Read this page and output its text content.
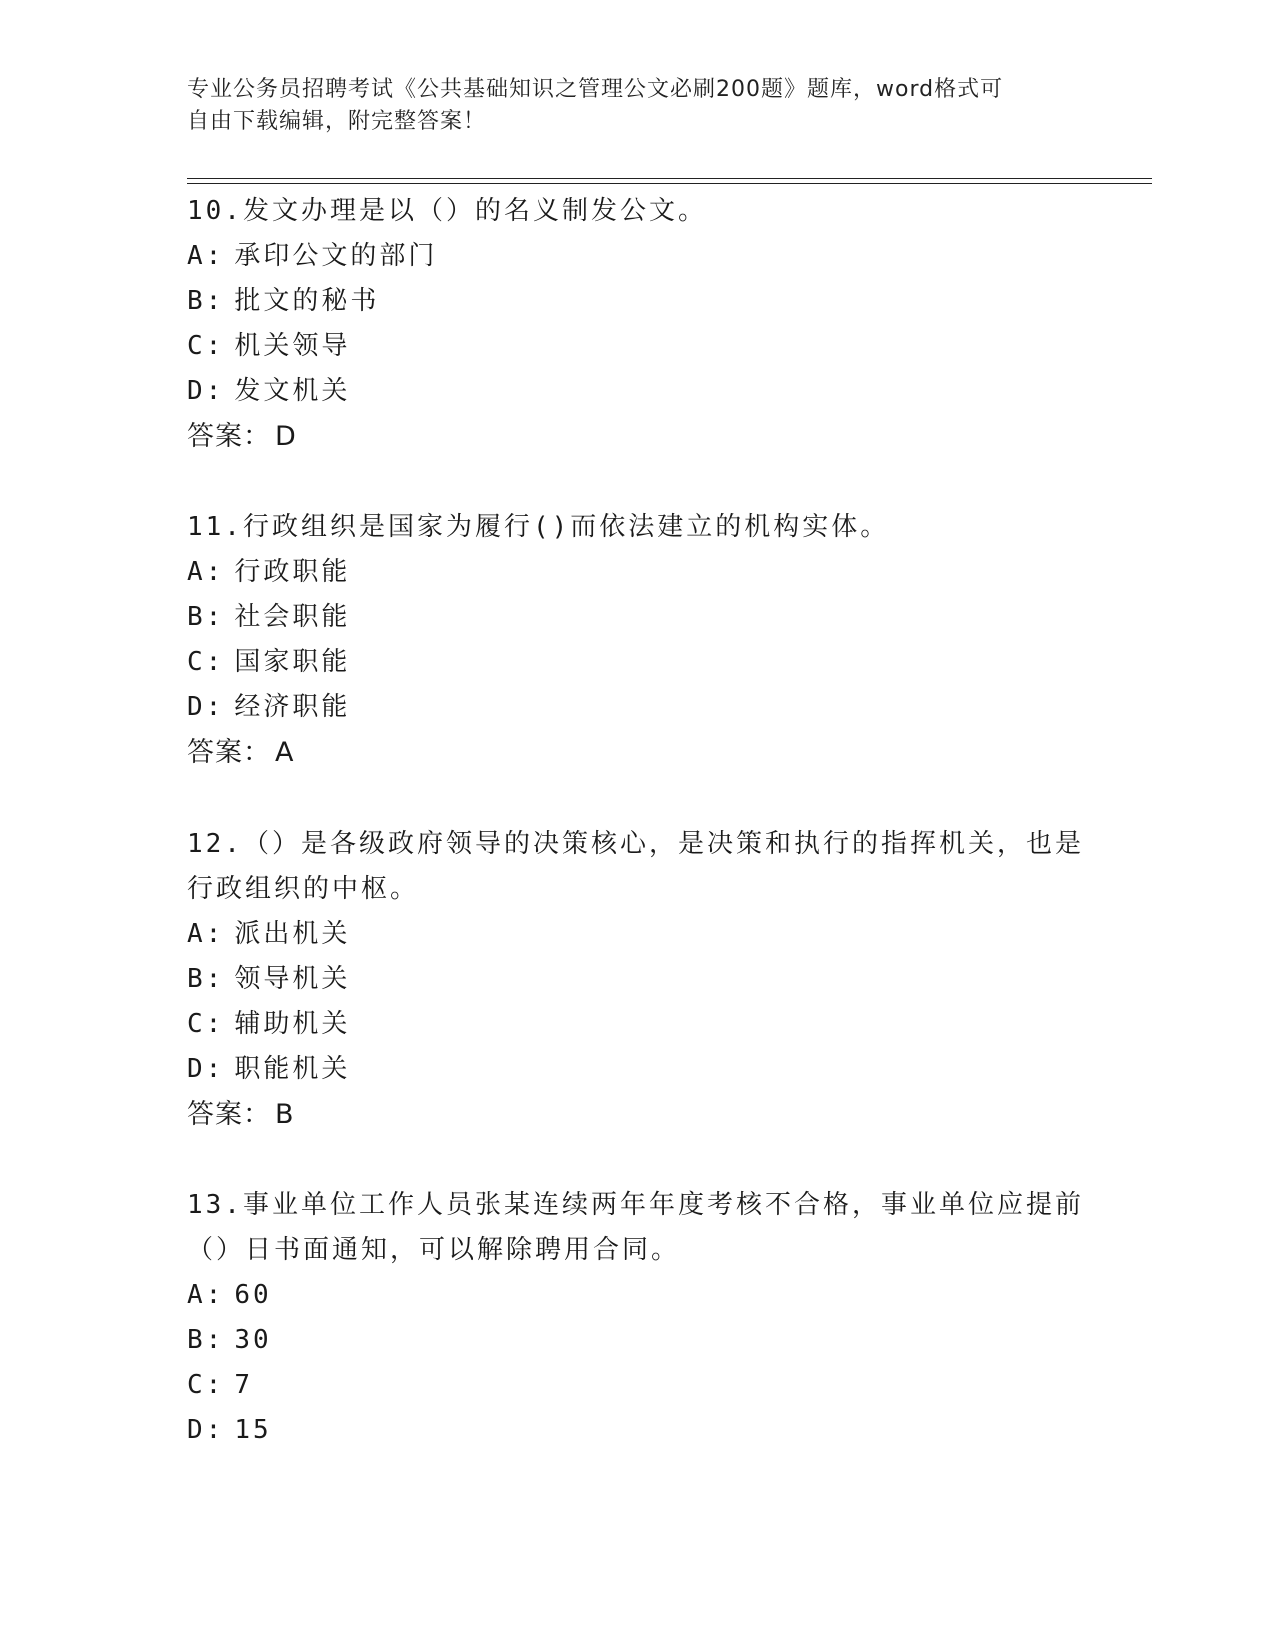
专业公务员招聘考试《公共基础知识之管理公文必刷200题》题库，word格式可
自由下载编辑，附完整答案！
10.发文办理是以（）的名义制发公文。
A: 承印公文的部门
B: 批文的秘书
C: 机关领导
D: 发文机关
答案： D
11.行政组织是国家为履行()而依法建立的机构实体。
A: 行政职能
B: 社会职能
C: 国家职能
D: 经济职能
答案： A
12.（）是各级政府领导的决策核心，是决策和执行的指挥机关，也是行政组织的中枢。
A: 派出机关
B: 领导机关
C: 辅助机关
D: 职能机关
答案： B
13.事业单位工作人员张某连续两年年度考核不合格，事业单位应提前（）日书面通知，可以解除聘用合同。
A: 60
B: 30
C: 7
D: 15
